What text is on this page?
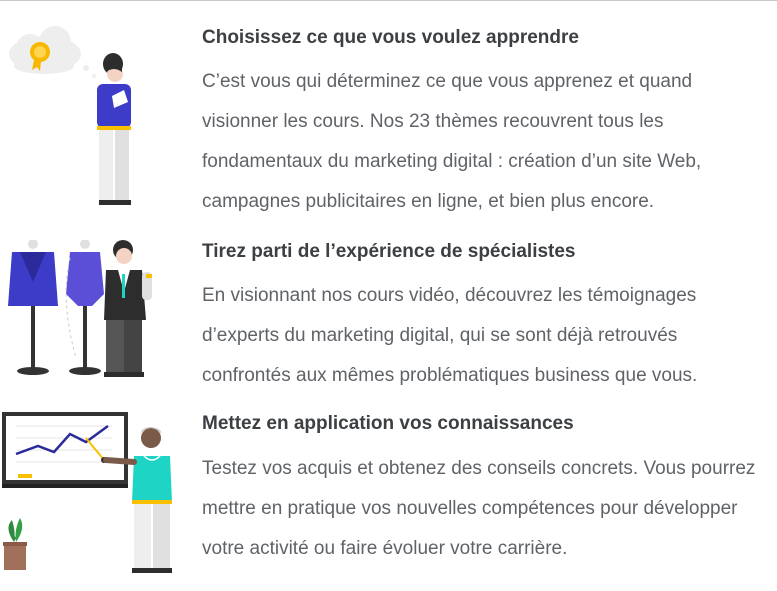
Choisissez ce que vous voulez apprendre
C’est vous qui déterminez ce que vous apprenez et quand
visionner les cours. Nos 23 thèmes recouvrent tous les
fondamentaux du marketing digital : création d’un site Web,
campagnes publicitaires en ligne, et bien plus encore.
Tirez parti de l’expérience de spécialistes
En visionnant nos cours vidéo, découvrez les témoignages
d’experts du marketing digital, qui se sont déjà retrouvés
confrontés aux mêmes problématiques business que vous.
Mettez en application vos connaissances
Testez vos acquis et obtenez des conseils concrets. Vous pourrez
mettre en pratique vos nouvelles compétences pour développer
votre activité ou faire évoluer votre carrière.
